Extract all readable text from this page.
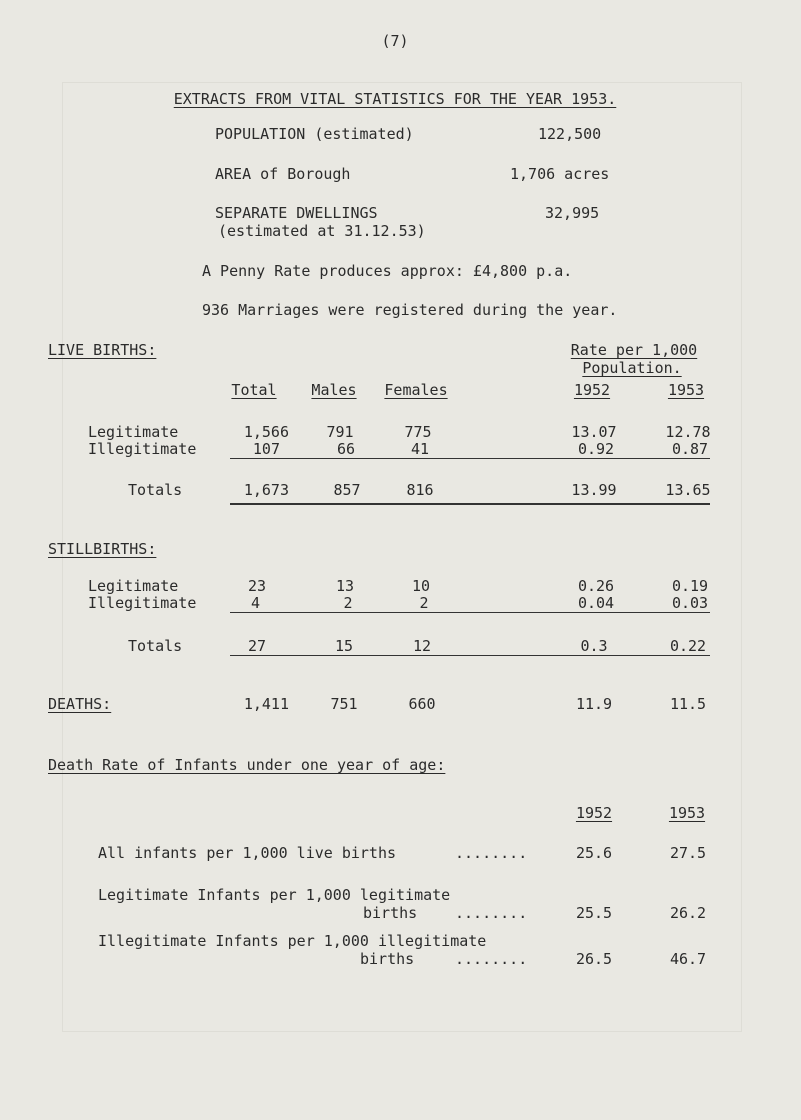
(7)
EXTRACTS FROM VITAL STATISTICS FOR THE YEAR 1953.
POPULATION (estimated)	122,500
AREA of Borough	1,706 acres
SEPARATE DWELLINGS
(estimated at 31.12.53)
32,995
A Penny Rate produces approx: £4,800 p.a.
936 Marriages were registered during the year.
LIVE BIRTHS:	Rate per 1,000
Population.
Total Males Females	1952	1953
Legitimate	1,566 791	775	13.07	12.78
Illegitimate	107	66	41	0.92	0.87
Totals	1,673	857	816	13.99	13.65
STILLBIRTHS:
Legitimate	23	13	10	0.26	0.19
Illegitimate	4	2	2	0.04	0.03
Totals	27	15	12	0.3	0.22
DEATHS:	1,411	751	660	11.9	11.5
Death Rate of Infants under one year of age:
1952	1953
All infants per 1,000 live births	........	25.6	27.5
Legitimate Infants per 1,000 legitimate
births	........	25.5	26.2
Illegitimate Infants per 1,000 illegitimate
births	........	26.5	46.7
